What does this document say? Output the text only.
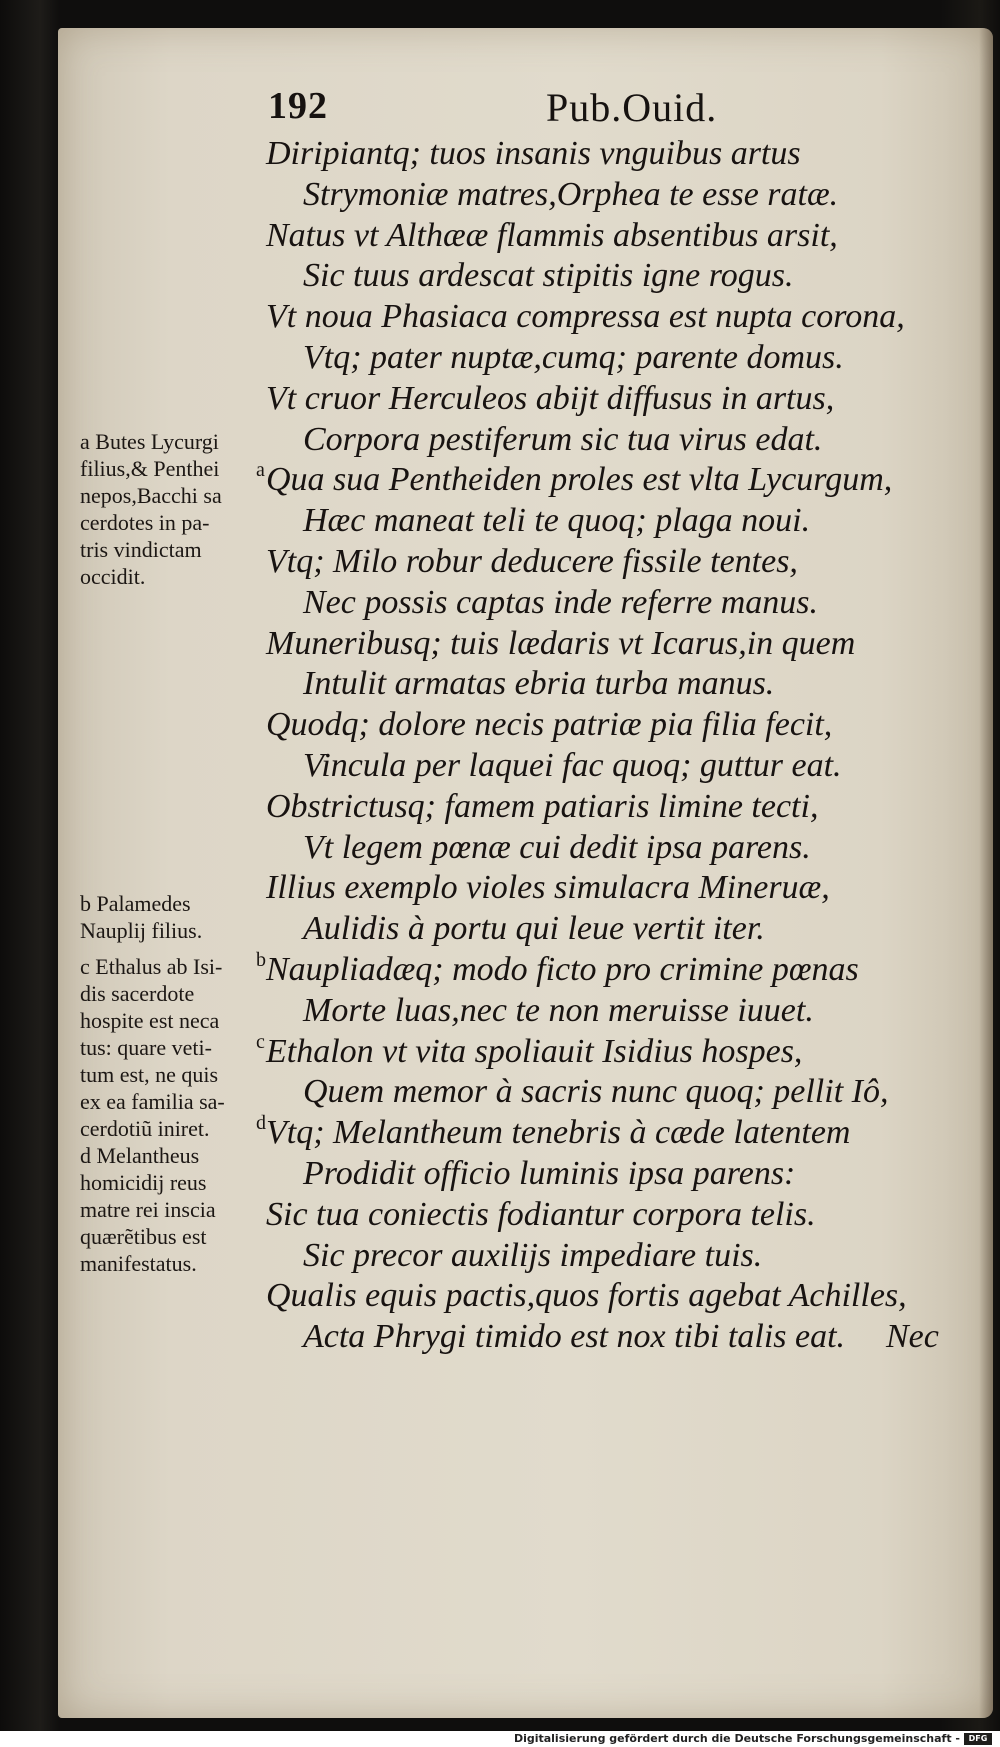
192	Pub.Ouid.
Diripiantq; tuos insanis vnguibus artus
Strymoniæ matres,Orphea te esse ratæ.
Natus vt Althææ flammis absentibus arsit,
Sic tuus ardescat stipitis igne rogus.
Vt noua Phasiaca compressa est nupta corona,
Vtq; pater nuptæ,cumq; parente domus.
Vt cruor Herculeos abijt diffusus in artus,
Corpora pestiferum sic tua virus edat.
a Qua sua Pentheiden proles est vlta Lycurgum,
Hæc maneat teli te quoq; plaga noui.
Vtq; Milo robur deducere fissile tentes,
Nec possis captas inde referre manus.
Muneribusq; tuis lædaris vt Icarus,in quem
Intulit armatas ebria turba manus.
Quodq; dolore necis patriæ pia filia fecit,
Vincula per laquei fac quoq; guttur eat.
Obstrictusq; famem patiaris limine tecti,
Vt legem pœnæ cui dedit ipsa parens.
Illius exemplo violes simulacra Mineruæ,
Aulidis à portu qui leue vertit iter.
b Naupliadæq; modo ficto pro crimine pœnas
Morte luas,nec te non meruisse iuuet.
c Ethalon vt vita spoliauit Isidius hospes,
Quem memor à sacris nunc quoq; pellit Iô,
d Vtq; Melantheum tenebris à cæde latentem
Prodidit officio luminis ipsa parens:
Sic tua coniectis fodiantur corpora telis.
Sic precor auxilijs impediare tuis.
Qualis equis pactis,quos fortis agebat Achilles,
Acta Phrygi timido est nox tibi talis eat.
a Butes Lycurgi
filius,& Penthei
nepos,Bacchi sa
cerdotes in pa-
tris vindictam
occidit.
b Palamedes
Nauplij filius.
c Ethalus ab Isi-
dis sacerdote
hospite est neca
tus: quare veti-
tum est, ne quis
ex ea familia sa-
cerdotiũ iniret.
d Melantheus
homicidij reus
matre rei inscia
quærẽtibus est
manifestatus.
Nec
Digitalisierung gefördert durch die Deutsche Forschungsgemeinschaft -	DFG
